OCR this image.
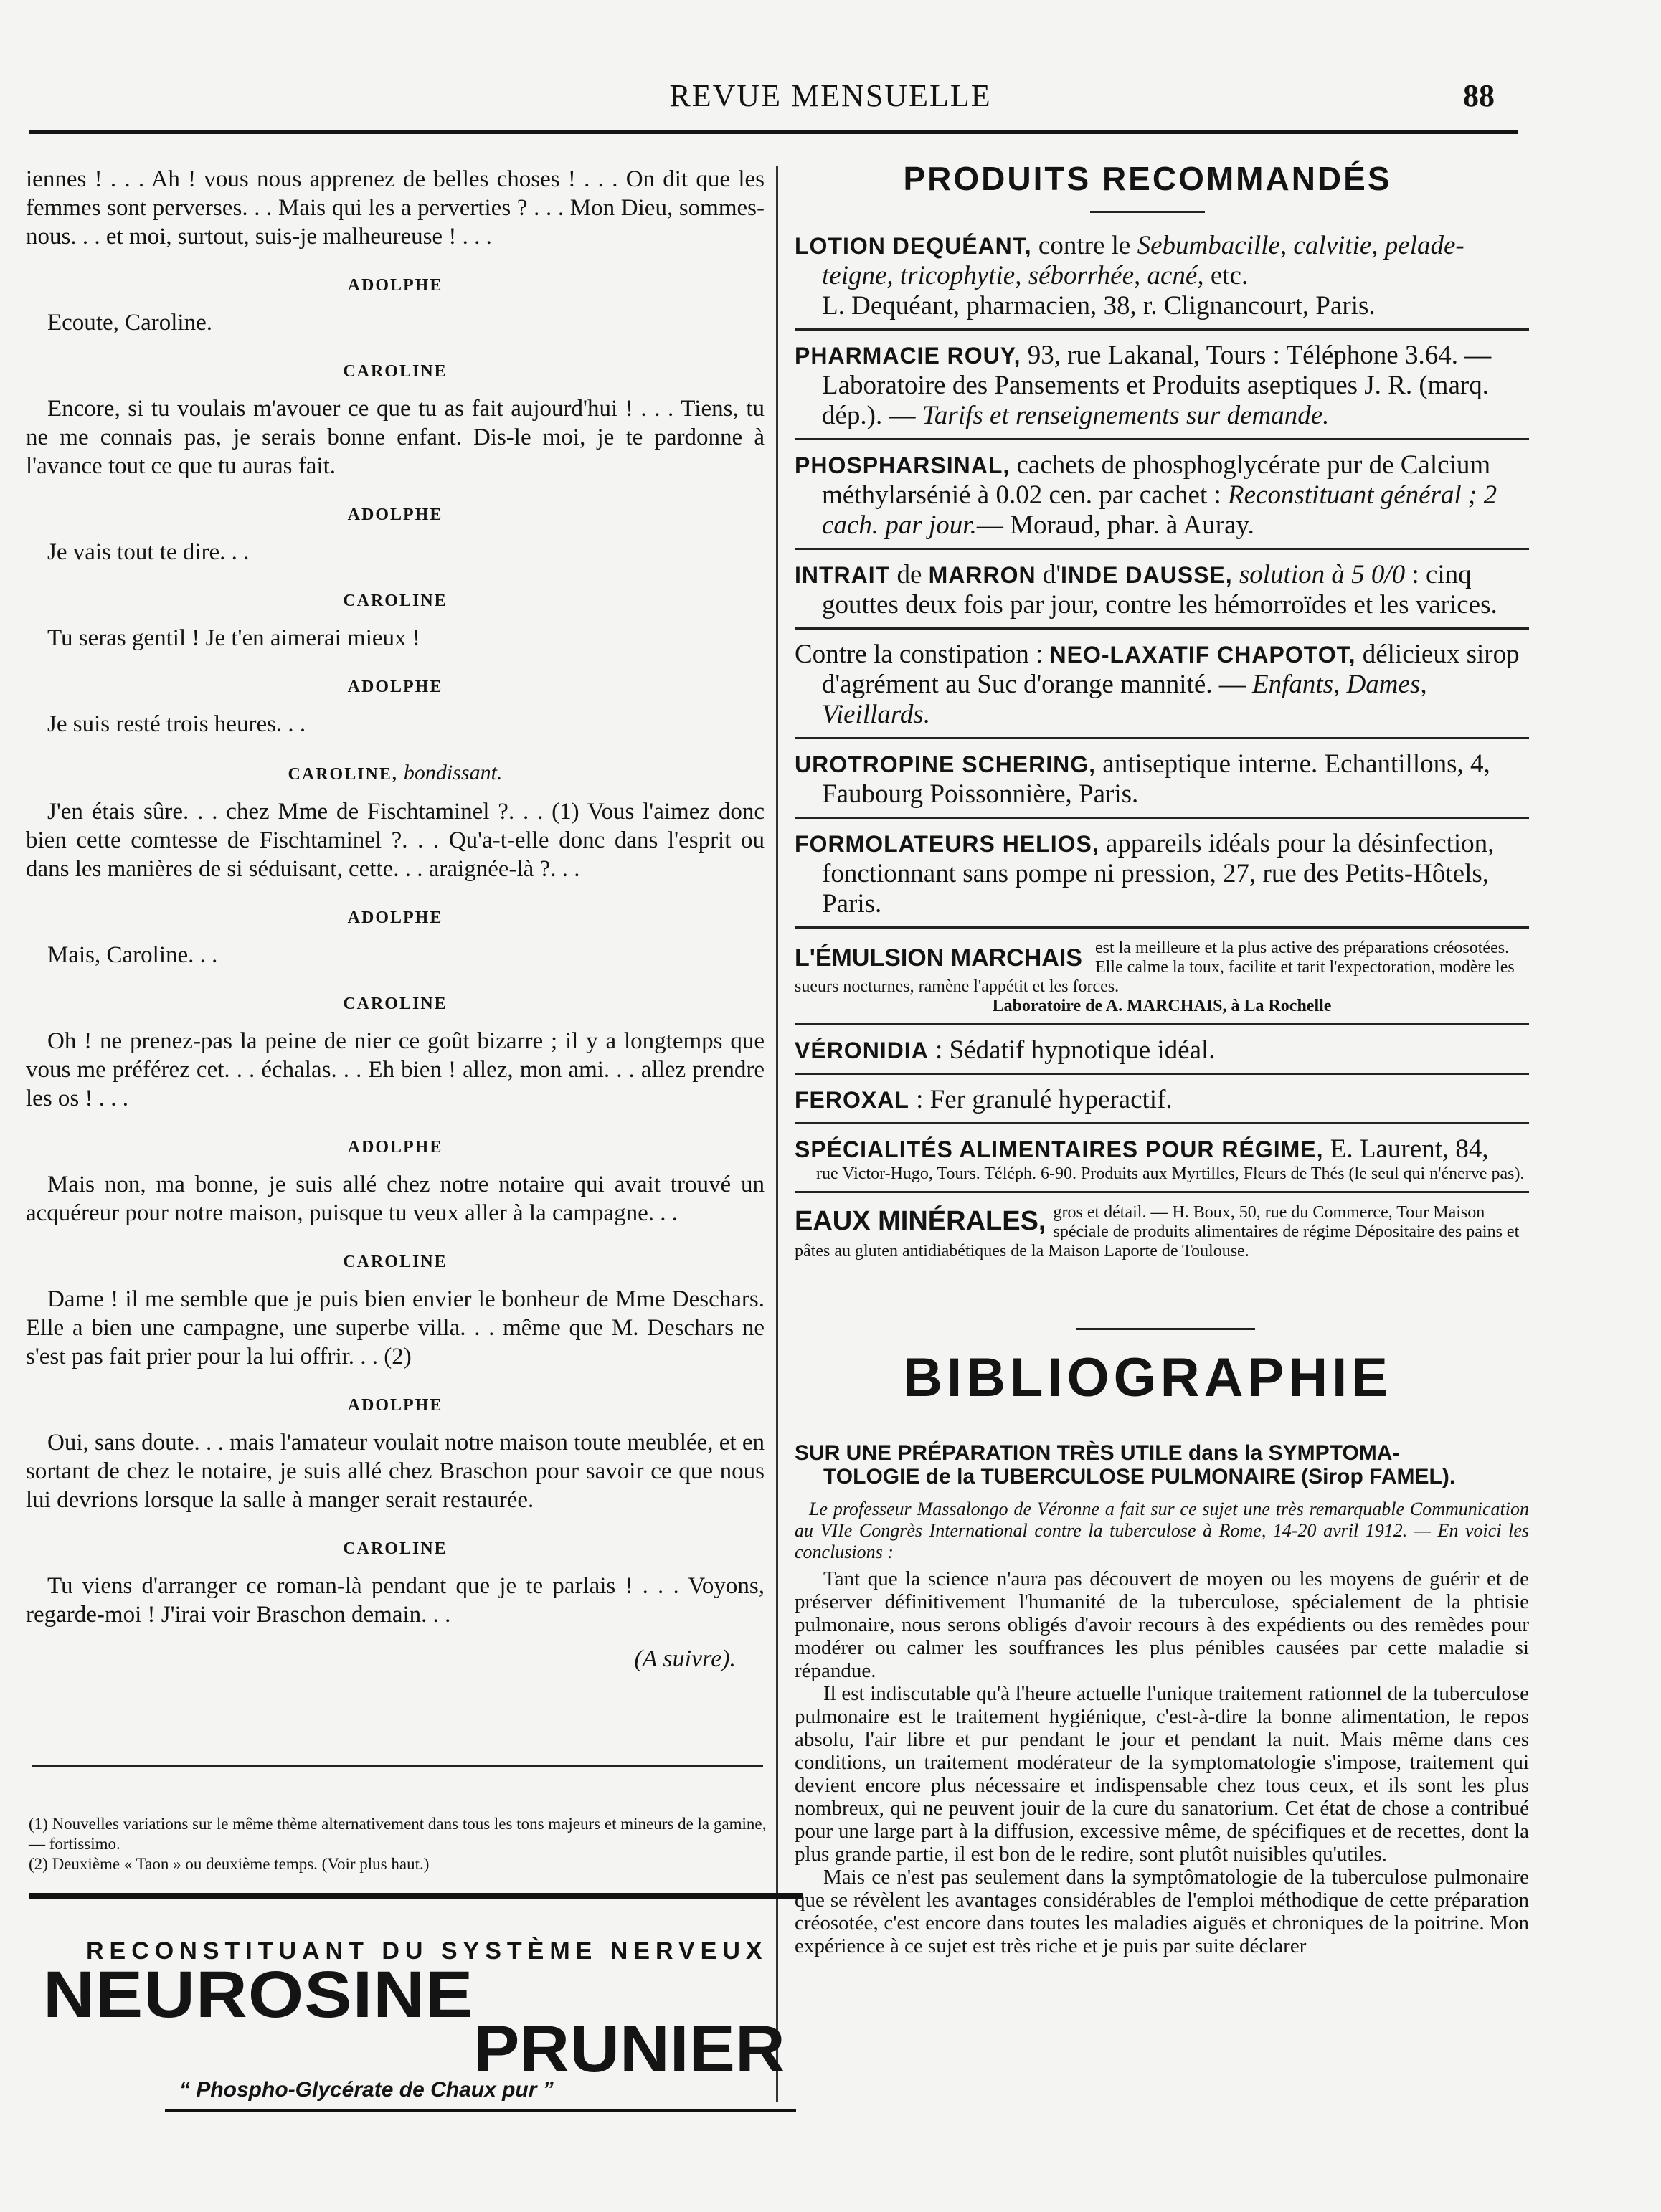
REVUE MENSUELLE	88

iennes ! . . . Ah ! vous nous apprenez de belles choses ! . . . On dit que les femmes sont perverses. . . Mais qui les a perverties ? . . . Mon Dieu, sommes-nous. . . et moi, surtout, suis-je malheureuse ! . . .

ADOLPHE

Ecoute, Caroline.

CAROLINE

Encore, si tu voulais m'avouer ce que tu as fait aujourd'hui ! . . . Tiens, tu ne me connais pas, je serais bonne enfant. Dis-le moi, je te pardonne à l'avance tout ce que tu auras fait.

ADOLPHE

Je vais tout te dire. . .

CAROLINE

Tu seras gentil ! Je t'en aimerai mieux !

ADOLPHE

Je suis resté trois heures. . .

CAROLINE, bondissant.

J'en étais sûre. . . chez Mme de Fischtaminel ?. . . (1) Vous l'aimez donc bien cette comtesse de Fischtaminel ?. . . Qu'a-t-elle donc dans l'esprit ou dans les manières de si séduisant, cette. . . araignée-là ?. . .

ADOLPHE

Mais, Caroline. . .

CAROLINE

Oh ! ne prenez-pas la peine de nier ce goût bizarre ; il y a longtemps que vous me préférez cet. . . échalas. . . Eh bien ! allez, mon ami. . . allez prendre les os ! . . .

ADOLPHE

Mais non, ma bonne, je suis allé chez notre notaire qui avait trouvé un acquéreur pour notre maison, puisque tu veux aller à la campagne. . .

CAROLINE

Dame ! il me semble que je puis bien envier le bonheur de Mme Deschars. Elle a bien une campagne, une superbe villa. . . même que M. Deschars ne s'est pas fait prier pour la lui offrir. . . (2)

ADOLPHE

Oui, sans doute. . . mais l'amateur voulait notre maison toute meublée, et en sortant de chez le notaire, je suis allé chez Braschon pour savoir ce que nous lui devrions lorsque la salle à manger serait restaurée.

CAROLINE

Tu viens d'arranger ce roman-là pendant que je te parlais ! . . . Voyons, regarde-moi ! J'irai voir Braschon demain. . .

(A suivre).

(1) Nouvelles variations sur le même thème alternativement dans tous les tons majeurs et mineurs de la gamine, — fortissimo.

(2) Deuxième « Taon » ou deuxième temps. (Voir plus haut.)

RECONSTITUANT DU SYSTÈME NERVEUX
NEUROSINE
PRUNIER
“ Phospho-Glycérate de Chaux pur ”
PRODUITS RECOMMANDÉS

LOTION DEQUÉANT, contre le Sebumbacille, calvitie, pelade-teigne, tricophytie, séborrhée, acné, etc.

L. Dequéant, pharmacien, 38, r. Clignancourt, Paris.

PHARMACIE ROUY, 93, rue Lakanal, Tours : Téléphone 3.64. —Laboratoire des Pansements et Produits aseptiques J. R. (marq. dép.). — Tarifs et renseignements sur demande.

PHOSPHARSINAL, cachets de phosphoglycérate pur de Calcium méthylarsénié à 0.02 cen. par cachet : Reconstituant général ; 2 cach. par jour.— Moraud, phar. à Auray.

INTRAIT de MARRON d'INDE DAUSSE, solution à 5 0/0 : cinq gouttes deux fois par jour, contre les hémorroïdes et les varices.

Contre la constipation : NEO-LAXATIF CHAPOTOT, délicieux sirop d'agrément au Suc d'orange mannité. — Enfants, Dames, Vieillards.

UROTROPINE SCHERING, antiseptique interne. Echantillons, 4, Faubourg Poissonnière, Paris.

FORMOLATEURS HELIOS, appareils idéals pour la désinfection, fonctionnant sans pompe ni pression, 27, rue des Petits-Hôtels, Paris.

L'ÉMULSION MARCHAIS est la meilleure et la plus active des préparations créosotées. Elle calme la toux, facilite et tarit l'expectoration, modère les sueurs nocturnes, ramène l'appétit et les forces.

Laboratoire de A. MARCHAIS, à La Rochelle

VÉRONIDIA : Sédatif hypnotique idéal.

FEROXAL : Fer granulé hyperactif.

SPÉCIALITÉS ALIMENTAIRES POUR RÉGIME, E. Laurent, 84,

rue Victor-Hugo, Tours. Téléph. 6-90. Produits aux Myrtilles, Fleurs de Thés (le seul qui n'énerve pas).

EAUX MINÉRALES, gros et détail. — H. Boux, 50, rue du Commerce, Tour Maison spéciale de produits alimentaires de régime Dépositaire des pains et pâtes au gluten antidiabétiques de la Maison Laporte de Toulouse.

BIBLIOGRAPHIE

SUR UNE PRÉPARATION TRÈS UTILE dans la SYMPTOMA-
TOLOGIE de la TUBERCULOSE PULMONAIRE (Sirop FAMEL).

Le professeur Massalongo de Véronne a fait sur ce sujet une très remarquable Communication au VIIe Congrès International contre la tuberculose à Rome, 14-20 avril 1912. — En voici les conclusions :

Tant que la science n'aura pas découvert de moyen ou les moyens de guérir et de préserver définitivement l'humanité de la tuberculose, spécialement de la phtisie pulmonaire, nous serons obligés d'avoir recours à des expédients ou des remèdes pour modérer ou calmer les souffrances les plus pénibles causées par cette maladie si répandue.

Il est indiscutable qu'à l'heure actuelle l'unique traitement rationnel de la tuberculose pulmonaire est le traitement hygiénique, c'est-à-dire la bonne alimentation, le repos absolu, l'air libre et pur pendant le jour et pendant la nuit. Mais même dans ces conditions, un traitement modérateur de la symptomatologie s'impose, traitement qui devient encore plus nécessaire et indispensable chez tous ceux, et ils sont les plus nombreux, qui ne peuvent jouir de la cure du sanatorium. Cet état de chose a contribué pour une large part à la diffusion, excessive même, de spécifiques et de recettes, dont la plus grande partie, il est bon de le redire, sont plutôt nuisibles qu'utiles.

Mais ce n'est pas seulement dans la symptômatologie de la tuberculose pulmonaire que se révèlent les avantages considérables de l'emploi méthodique de cette préparation créosotée, c'est encore dans toutes les maladies aiguës et chroniques de la poitrine. Mon expérience à ce sujet est très riche et je puis par suite déclarer
